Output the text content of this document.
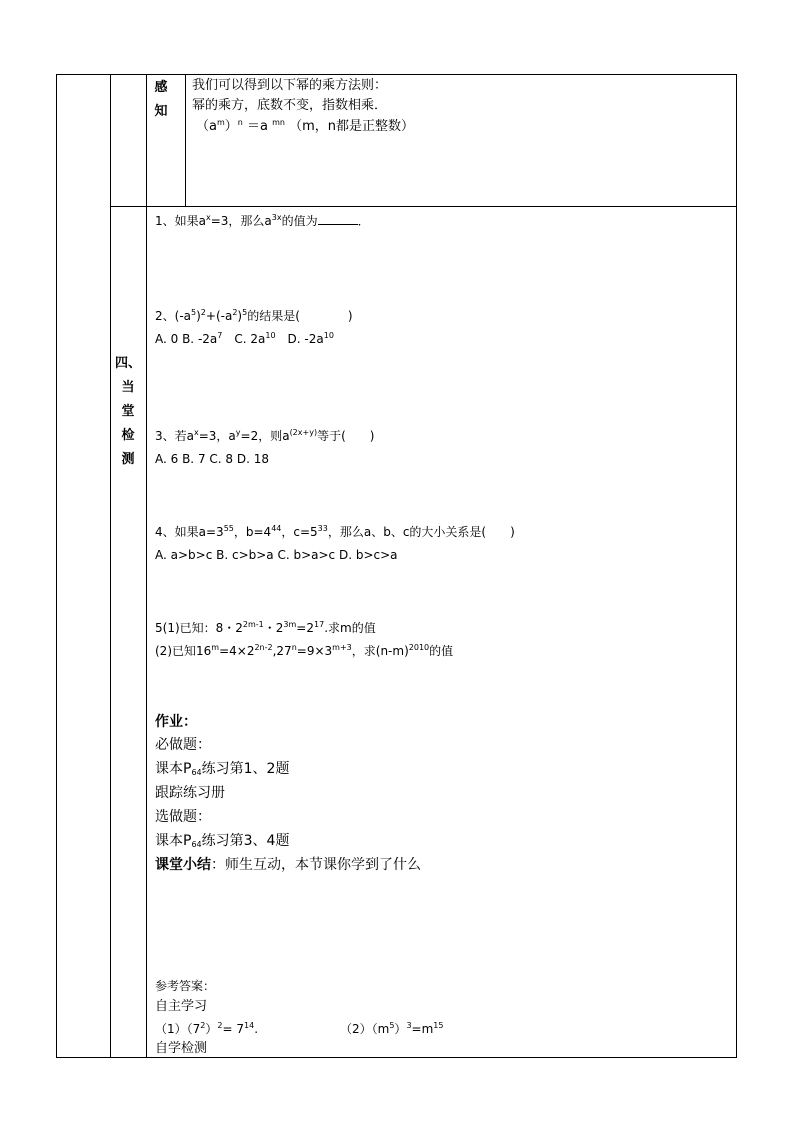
感
知
我们可以得到以下幂的乘方法则：
幂的乘方，底数不变，指数相乘．
$(a^m)^n =a$ $^{mn}$ （m，n都是正整数）
四、
当
堂
检
测
1、如果$a^x=3$，那么$a^{3x}$的值为	．
2、$(-a^5)^2+(-a^2)^5$的结果是(　　　　)
A. 0 B. $-2a^7$　C. $2a^{10}$　D. $-2a^{10}$
3、若$a^x=3$，$a^y=2$，则$a^{(2x+y)}$等于(　　)
A. 6 B. 7 C. 8 D. 18
4、如果$a=3^{55}$，$b=4^{44}$，$c=5^{33}$，那么a、b、c的大小关系是(　　)
A. a>b>c B. c>b>a C. b>a>c D. b>c>a
5(1)已知：8・$2^{2m-1}$・$2^{3m}=2^{17}$.求m的值
(2)已知$16^m=4\times 2^{2n-2},27^n=9\times 3^{m+3}$，求$(n-m)^{2010}$的值
作业：
必做题：
课本$P_{64}$练习第1、2题
跟踪练习册
选做题：
课本$P_{64}$练习第3、4题
课堂小结：师生互动，本节课你学到了什么
参考答案：
自主学习
$(1)(7^2)^2= 7^{14}$.	$(2)(m^5)^3=m^{15}$
自学检测
